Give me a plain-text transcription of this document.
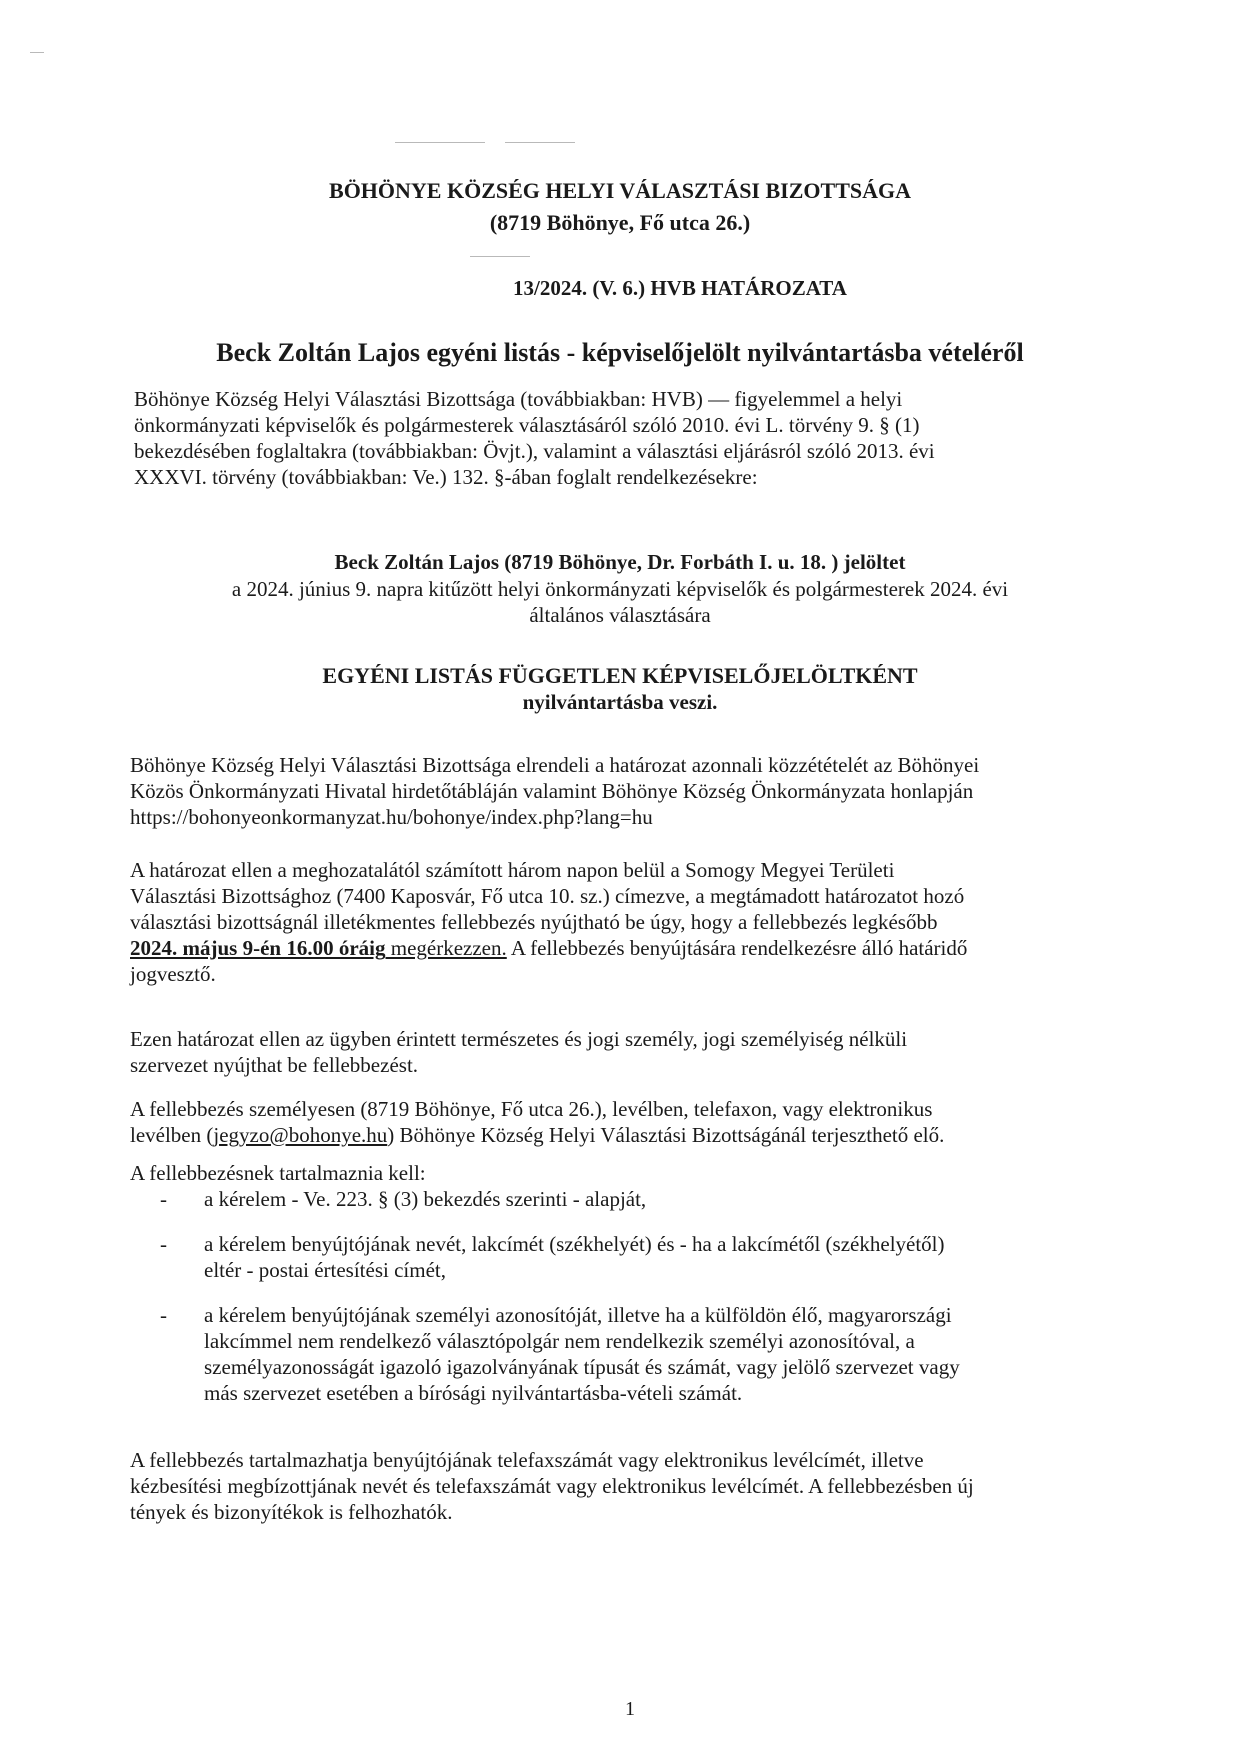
BÖHÖNYE KÖZSÉG HELYI VÁLASZTÁSI BIZOTTSÁGA
(8719 Böhönye, Fő utca 26.)
13/2024. (V. 6.) HVB HATÁROZATA
Beck Zoltán Lajos egyéni listás - képviselőjelölt nyilvántartásba vételéről
Böhönye Község Helyi Választási Bizottsága (továbbiakban: HVB) — figyelemmel a helyi
önkormányzati képviselők és polgármesterek választásáról szóló 2010. évi L. törvény 9. § (1)
bekezdésében foglaltakra (továbbiakban: Övjt.), valamint a választási eljárásról szóló 2013. évi
XXXVI. törvény (továbbiakban: Ve.) 132. §-ában foglalt rendelkezésekre:
Beck Zoltán Lajos (8719 Böhönye, Dr. Forbáth I. u. 18. ) jelöltet
a 2024. június 9. napra kitűzött helyi önkormányzati képviselők és polgármesterek 2024. évi
általános választására
EGYÉNI LISTÁS FÜGGETLEN KÉPVISELŐJELÖLTKÉNT
nyilvántartásba veszi.
Böhönye Község Helyi Választási Bizottsága elrendeli a határozat azonnali közzétételét az Böhönyei
Közös Önkormányzati Hivatal hirdetőtábláján valamint Böhönye Község Önkormányzata honlapján
https://bohonyeonkormanyzat.hu/bohonye/index.php?lang=hu
A határozat ellen a meghozatalától számított három napon belül a Somogy Megyei Területi
Választási Bizottsághoz (7400 Kaposvár, Fő utca 10. sz.) címezve, a megtámadott határozatot hozó
választási bizottságnál illetékmentes fellebbezés nyújtható be úgy, hogy a fellebbezés legkésőbb
2024. május 9-én 16.00 óráig megérkezzen. A fellebbezés benyújtására rendelkezésre álló határidő
jogvesztő.
Ezen határozat ellen az ügyben érintett természetes és jogi személy, jogi személyiség nélküli
szervezet nyújthat be fellebbezést.
A fellebbezés személyesen (8719 Böhönye, Fő utca 26.), levélben, telefaxon, vagy elektronikus
levélben (jegyzo@bohonye.hu) Böhönye Község Helyi Választási Bizottságánál terjeszthető elő.
A fellebbezésnek tartalmaznia kell:
- a kérelem - Ve. 223. § (3) bekezdés szerinti - alapját,
- a kérelem benyújtójának nevét, lakcímét (székhelyét) és - ha a lakcímétől (székhelyétől)
eltér - postai értesítési címét,
- a kérelem benyújtójának személyi azonosítóját, illetve ha a külföldön élő, magyarországi
lakcímmel nem rendelkező választópolgár nem rendelkezik személyi azonosítóval, a
személyazonosságát igazoló igazolványának típusát és számát, vagy jelölő szervezet vagy
más szervezet esetében a bírósági nyilvántartásba-vételi számát.
A fellebbezés tartalmazhatja benyújtójának telefaxszámát vagy elektronikus levélcímét, illetve
kézbesítési megbízottjának nevét és telefaxszámát vagy elektronikus levélcímét. A fellebbezésben új
tények és bizonyítékok is felhozhatók.
1
